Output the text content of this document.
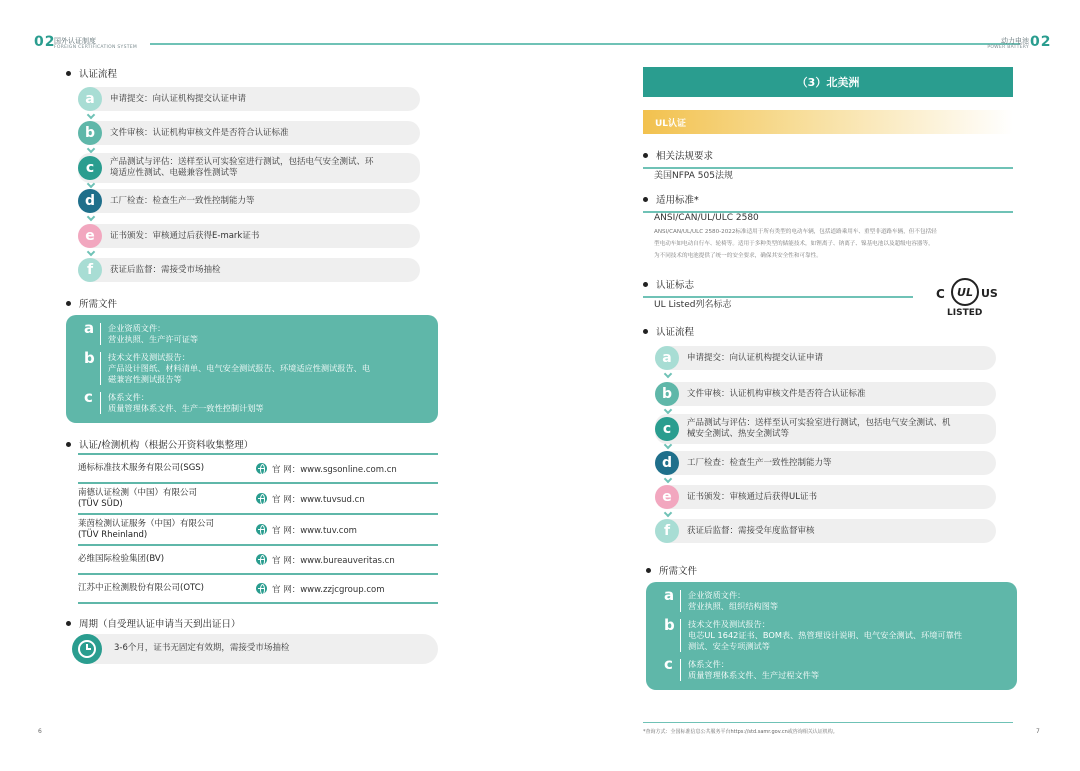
02
国外认证制度
FOREIGN CERTIFICATION SYSTEM
动力电池
POWER BATTERY 02
认证流程
申请提交：向认证机构提交认证申请
a
文件审核：认证机构审核文件是否符合认证标准
b
产品测试与评估：送样至认可实验室进行测试，包括电气安全测试、环
境适应性测试、电磁兼容性测试等
c
工厂检查：检查生产一致性控制能力等
d
证书颁发：审核通过后获得E-mark证书
e
获证后监督：需接受市场抽检
f
所需文件
a 企业资质文件：
营业执照、生产许可证等
b 技术文件及测试报告：
产品设计图纸、材料清单、电气安全测试报告、环境适应性测试报告、电
磁兼容性测试报告等
c 体系文件：
质量管理体系文件、生产一致性控制计划等
认证/检测机构（根据公开资料收集整理）
通标标准技术服务有限公司(SGS)	官 网：www.sgsonline.com.cn
南德认证检测（中国）有限公司
(TÜV SÜD)	官 网：www.tuvsud.cn
莱茵检测认证服务（中国）有限公司
(TÜV Rheinland)	官 网：www.tuv.com
必维国际检验集团(BV)	官 网：www.bureauveritas.cn
江苏中正检测股份有限公司(OTC)	官 网：www.zzjcgroup.com
周期（自受理认证申请当天到出证日）
3-6个月，证书无固定有效期，需接受市场抽检
6
（3）北美洲
UL认证
相关法规要求
美国NFPA 505法规
适用标准*
ANSI/CAN/UL/ULC 2580
ANSI/CAN/UL/ULC 2580-2022标准适用于所有类型的电动车辆，包括道路乘用车、重型非道路车辆，但不包括轻
型电动车如电动自行车、轮椅等。适用于多种类型的储能技术，如锂离子、钠离子、镍基电池以及超级电容器等，
为不同技术的电池提供了统一的安全要求，确保其安全性和可靠性。
认证标志
UL Listed列名标志
C	UL US
LISTED
认证流程
申请提交：向认证机构提交认证申请
a
文件审核：认证机构审核文件是否符合认证标准
b
产品测试与评估：送样至认可实验室进行测试，包括电气安全测试、机
械安全测试、热安全测试等
c
工厂检查：检查生产一致性控制能力等
d
证书颁发：审核通过后获得UL证书
e
获证后监督：需接受年度监督审核
f
所需文件
a 企业资质文件：
营业执照、组织结构图等
b 技术文件及测试报告：
电芯UL 1642证书、BOM表、热管理设计说明、电气安全测试、环境可靠性
测试、安全专项测试等
c 体系文件：
质量管理体系文件、生产过程文件等
*查询方式：全国标准信息公共服务平台https://std.samr.gov.cn或咨询相关认证机构。	7
